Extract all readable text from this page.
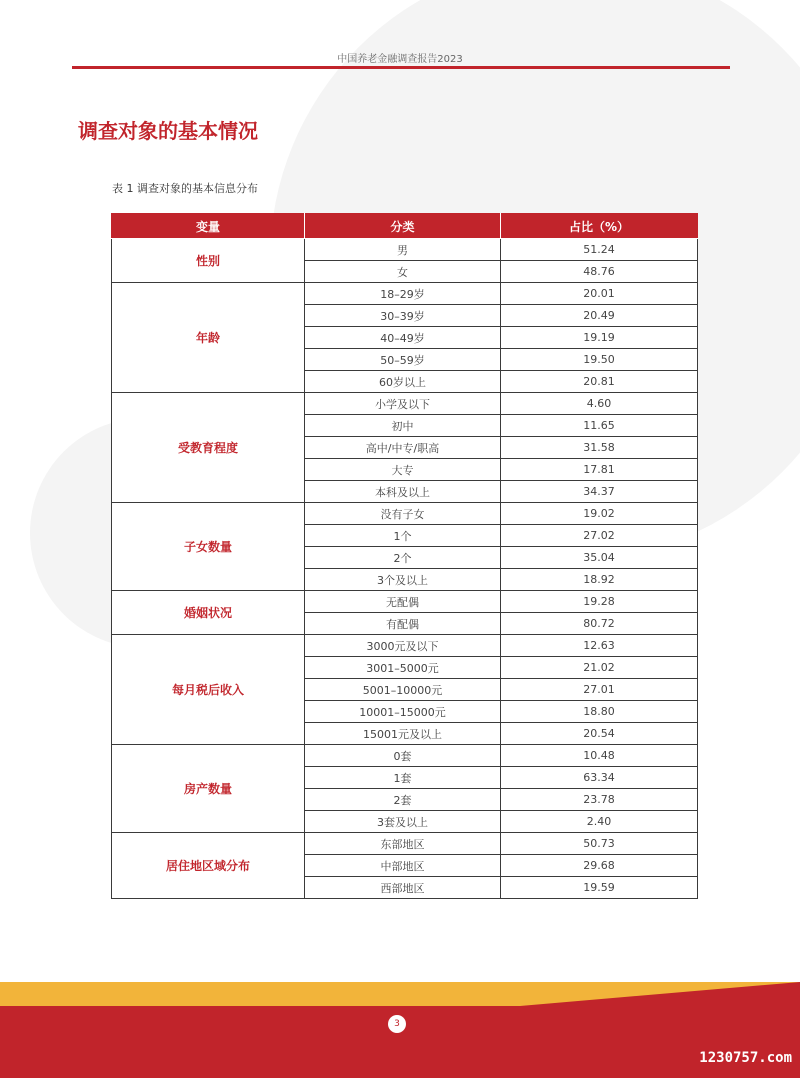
中国养老金融调查报告2023
调查对象的基本情况
表 1 调查对象的基本信息分布
变量	分类	占比（%）
性别	男	51.24
	女	48.76
年龄	18–29岁	20.01
	30–39岁	20.49
	40–49岁	19.19
	50–59岁	19.50
	60岁以上	20.81
受教育程度	小学及以下	4.60
	初中	11.65
	高中/中专/职高	31.58
	大专	17.81
	本科及以上	34.37
子女数量	没有子女	19.02
	1个	27.02
	2个	35.04
	3个及以上	18.92
婚姻状况	无配偶	19.28
	有配偶	80.72
每月税后收入	3000元及以下	12.63
	3001–5000元	21.02
	5001–10000元	27.01
	10001–15000元	18.80
	15001元及以上	20.54
房产数量	0套	10.48
	1套	63.34
	2套	23.78
	3套及以上	2.40
居住地区域分布	东部地区	50.73
	中部地区	29.68
	西部地区	19.59
3
1230757.com
